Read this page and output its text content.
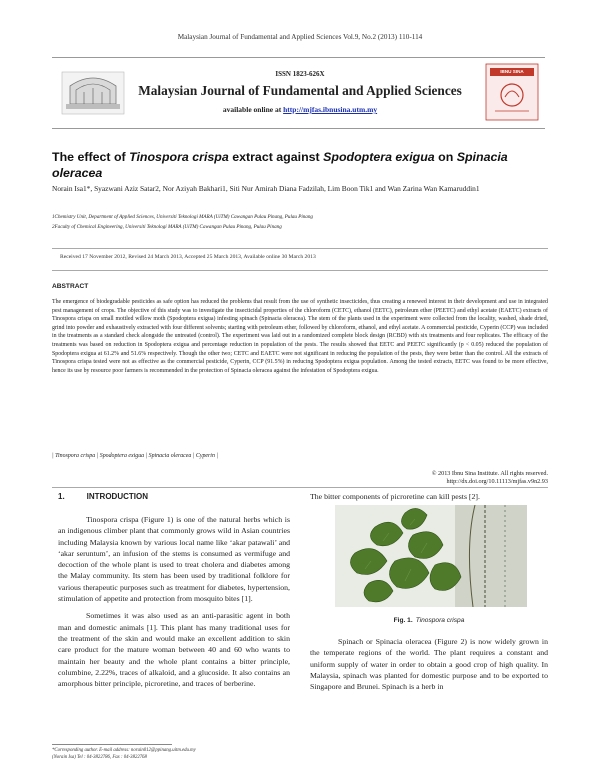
Malaysian Journal of Fundamental and Applied Sciences Vol.9, No.2 (2013) 110-114
ISSN 1823-626X
Malaysian Journal of Fundamental and Applied Sciences
available online at http://mjfas.ibnusina.utm.my
IBNU SINA
The effect of Tinospora crispa extract against Spodoptera exigua on Spinacia oleracea
Norain Isa1*, Syazwani Aziz Satar2, Nor Aziyah Bakhari1, Siti Nur Amirah Diana Fadzilah, Lim Boon Tik1 and Wan Zarina Wan Kamaruddin1
1Chemistry Unit, Department of Applied Sciences, Universiti Teknologi MARA (UiTM) Cawangan Pulau Pinang, Pulau Pinang
2Faculty of Chemical Engineering, Universiti Teknologi MARA (UiTM) Cawangan Pulau Pinang, Pulau Pinang
Received 17 November 2012, Revised 24 March 2013, Accepted 25 March 2013, Available online 30 March 2013
ABSTRACT
The emergence of biodegradable pesticides as safe option has reduced the problems that result from the use of synthetic insecticides, thus creating a renewed interest in their development and use in integrated pest management of crops. The objective of this study was to investigate the insecticidal properties of the chloroform (CETC), ethanol (EETC), petroleum ether (PEETC) and ethyl acetate (EAETC) extracts of Tinospora crispa on small mottled willow moth (Spodoptera exigua) infesting spinach (Spinacia oleracea). The stem of the plants used in the experiment were collected from the locality, washed, shade dried, grind into powder and exhaustively extracted with four different solvents; starting with petroleum ether, followed by chloroform, ethanol, and ethyl acetate. A commercial pesticide, Cyperin (CCP) was included in the treatments as a standard check alongside the untreated (control). The experiment was laid out in a randomized complete block design (RCBD) with six treatments and four replicates. The efficacy of the treatments was based on reduction in Spodoptera exigua and percentage reduction in population of the pests. The results showed that EETC and PEETC significantly (p < 0.05) reduced the population of Spodoptera exigua at 61.2% and 51.6% respectively. Though the other two; CETC and EAETC were not significant in reducing the population of the pests, they were better than the control. All the extracts of Tinospora crispa tested were not as effective as the commercial pesticide, Cyperin, CCP (91.5%) in reducing Spodoptera exigua population. Among the tested extracts, EETC was found to be more effective, hence its use by resource poor farmers is recommended in the protection of Spinacia oleracea against the infestation of Spodoptera exigua.
| Tinospora crispa | Spodoptera exigua | Spinacia oleracea | Cyperin |
© 2013 Ibnu Sina Institute. All rights reserved.
http://dx.doi.org/10.11113/mjfas.v9n2.93
1.	INTRODUCTION

Tinospora crispa (Figure 1) is one of the natural herbs which is an indigenous climber plant that commonly grows wild in Asian countries including Malaysia known by various local name like ‘akar patawali’ and ‘akar seruntum’, an infusion of the stems is consumed as vermifuge and decoction of the whole plant is used to treat cholera and diabetes among the Malay community. Its stem has been used by traditional folklore for various therapeutic purposes such as treatment for diabetes, hypertension, stimulation of appetite and protection from mosquito bites [1].

Sometimes it was also used as an anti-parasitic agent in both man and domestic animals [1]. This plant has many traditional uses for the treatment of the skin and would make an excellent addition to skin care product for the mature woman between 40 and 60 who wants to maintain her beauty and the whole plant contains a bitter principle, columbine, 2.22%, traces of alkaloid, and a glucoside. It also contains an amorphous bitter principle, picroretine, and traces of berberine.

The bitter components of picroretine can kill pests [2].
Fig. 1. Tinospora crispa

Spinach or Spinacia oleracea (Figure 2) is now widely grown in the temperate regions of the world. The plant requires a constant and uniform supply of water in order to obtain a good crop of high quality. In Malaysia, spinach was planted for domestic purpose and to be exported to Singapore and Brunei. Spinach is a herb in

*Corresponding author. E-mail address: norain012@ppinang.uitm.edu.my
(Norain Isa) Tel : 04-3822786, Fax : 04-3822768
